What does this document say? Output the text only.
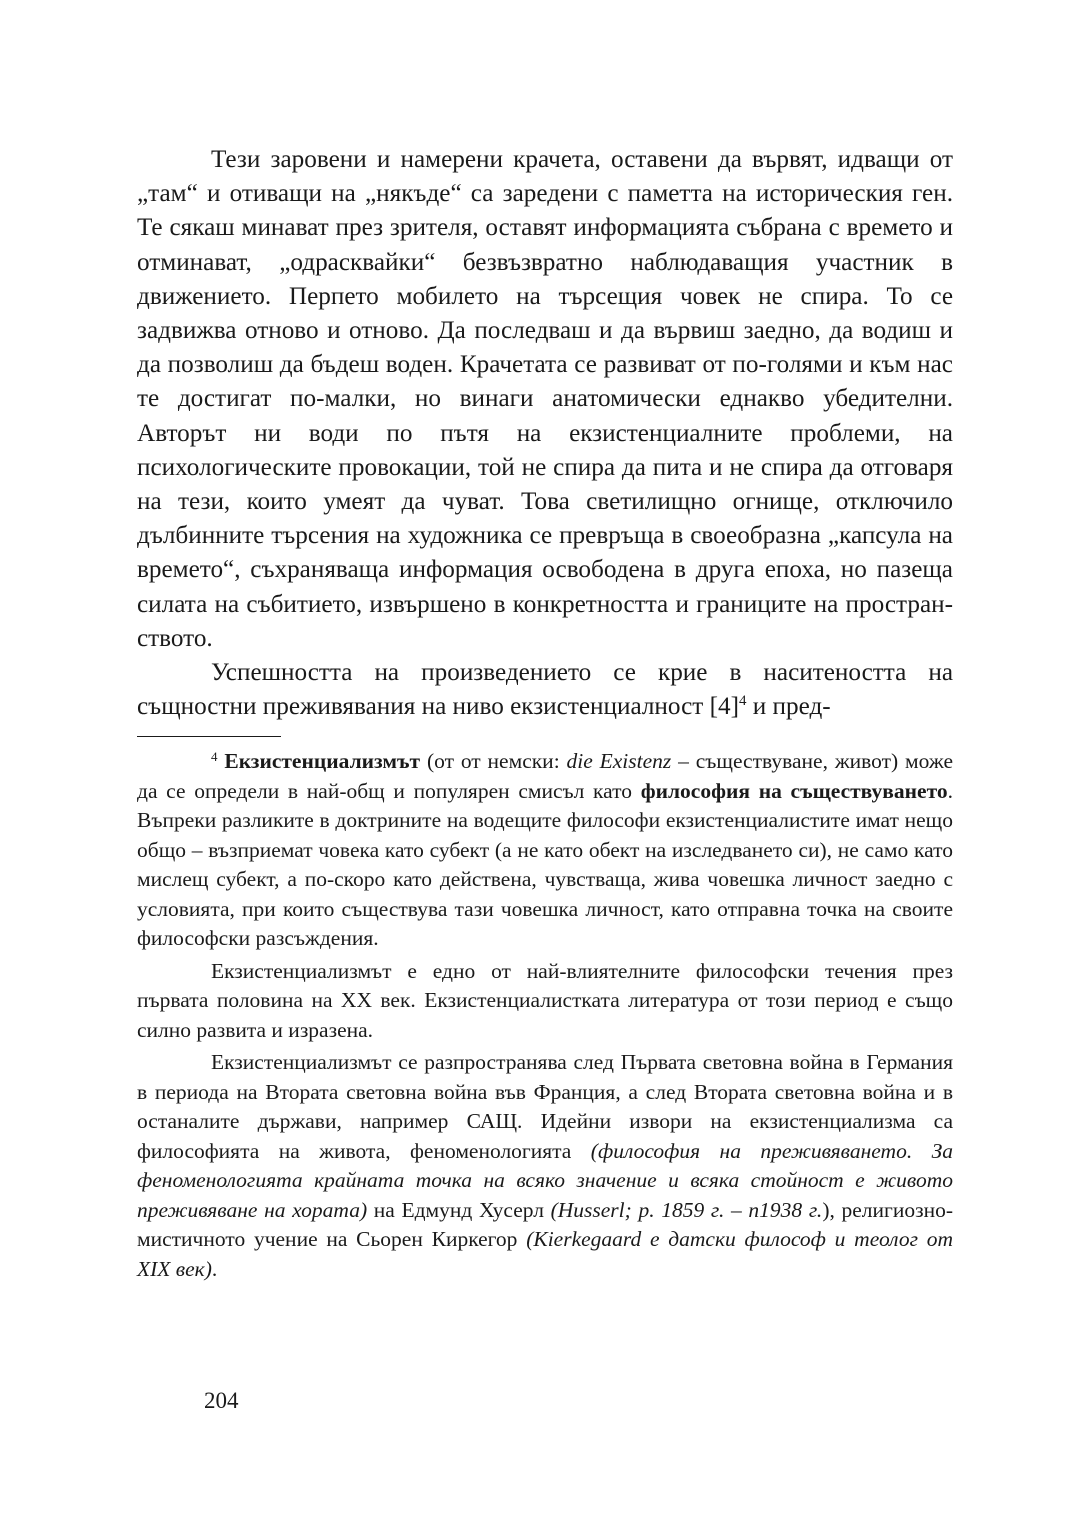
Тези заровени и намерени крачета, оставени да вървят, идващи от „там“ и отиващи на „някъде“ са заредени с паметта на историческия ген. Те сякаш минават през зрителя, оставят информацията събрана с времето и отминават, „одрасквайки“ безвъзвратно наблюдаващия участник в движението. Перпето мобилето на търсещия човек не спира. То се задвижва отново и отново. Да последваш и да вървиш заедно, да водиш и да позволиш да бъдеш воден. Крачетата се развиват от по-голями и към нас те достигат по-малки, но винаги анатомически еднакво убедителни. Авторът ни води по пътя на екзистенциалните проблеми, на психологическите провокации, той не спира да пита и не спира да отговаря на тези, които умеят да чуват. Това светилищно огнище, отключило дълбинните търсения на художника се превръща в своеобразна „капсула на времето“, съхраняваща информация освободена в друга епоха, но пазеща силата на събитието, извършено в конкретността и границите на пространството.

Успешността на произведението се крие в наситеността на същностни преживявания на ниво екзистенциалност [4]$^4$ и пред-

$^4$ Екзистенциализмът (от от немски: die Existenz – съществуване, живот) може да се определи в най-общ и популярен смисъл като философия на съществуването. Въпреки разликите в доктрините на водещите философи екзистенциалистите имат нещо общо – възприемат човека като субект (а не като обект на изследването си), не само като мислещ субект, а по-скоро като действена, чувстваща, жива човешка личност заедно с условията, при които съществува тази човешка личност, като отправна точка на своите философски разсъждения.

Екзистенциализмът е едно от най-влиятелните философски течения през първата половина на XX век. Екзистенциалистката литература от този период е също силно развита и изразена.

Екзистенциализмът се разпространява след Първата световна война в Германия в периода на Втората световна война във Франция, а след Втората световна война и в останалите държави, например САЩ. Идейни извори на екзистенциализма са философията на живота, феноменологията (философия на преживяването. За феноменологията крайната точка на всяко значение и всяка стойност е живото преживяване на хората) на Едмунд Хусерл (Husserl; р. 1859 г. – п1938 г.), религиозно-мистичното учение на Сьорен Киркегор (Kierkegaard е датски философ и теолог от XIX век).

204
